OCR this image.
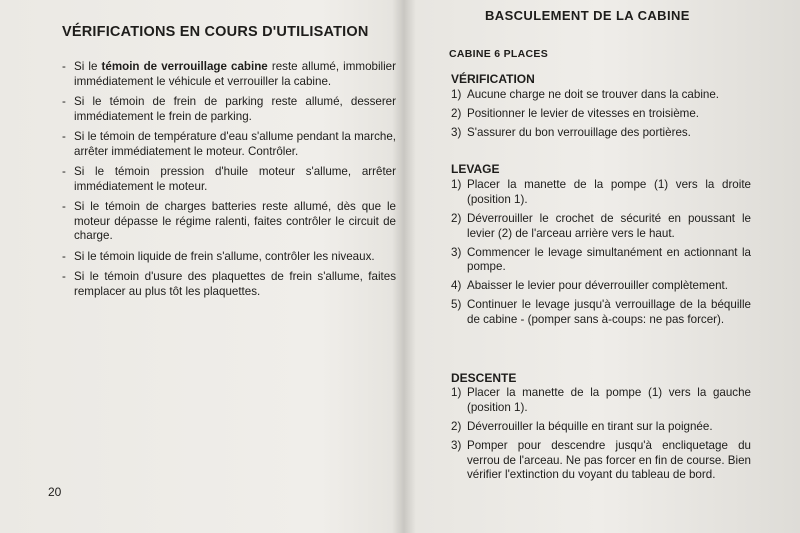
VÉRIFICATIONS EN COURS D'UTILISATION
- Si le témoin de verrouillage cabine reste allumé, immobilier immédiatement le véhicule et verrouiller la cabine.
- Si le témoin de frein de parking reste allumé, desserer immédiatement le frein de parking.
- Si le témoin de température d'eau s'allume pendant la marche, arrêter immédiatement le moteur. Contrôler.
- Si le témoin pression d'huile moteur s'allume, arrêter immédiatement le moteur.
- Si le témoin de charges batteries reste allumé, dès que le moteur dépasse le régime ralenti, faites contrôler le circuit de charge.
- Si le témoin liquide de frein s'allume, contrôler les niveaux.
- Si le témoin d'usure des plaquettes de frein s'allume, faites remplacer au plus tôt les plaquettes.
20
BASCULEMENT DE LA CABINE
CABINE 6 PLACES
VÉRIFICATION
1) Aucune charge ne doit se trouver dans la cabine.
2) Positionner le levier de vitesses en troisième.
3) S'assurer du bon verrouillage des portières.
LEVAGE
1) Placer la manette de la pompe (1) vers la droite (position 1).
2) Déverrouiller le crochet de sécurité en poussant le levier (2) de l'arceau arrière vers le haut.
3) Commencer le levage simultanément en actionnant la pompe.
4) Abaisser le levier pour déverrouiller complètement.
5) Continuer le levage jusqu'à verrouillage de la béquille de cabine - (pomper sans à-coups: ne pas forcer).
DESCENTE
1) Placer la manette de la pompe (1) vers la gauche (position 1).
2) Déverrouiller la béquille en tirant sur la poignée.
3) Pomper pour descendre jusqu'à encliquetage du verrou de l'arceau. Ne pas forcer en fin de course. Bien vérifier l'extinction du voyant du tableau de bord.
